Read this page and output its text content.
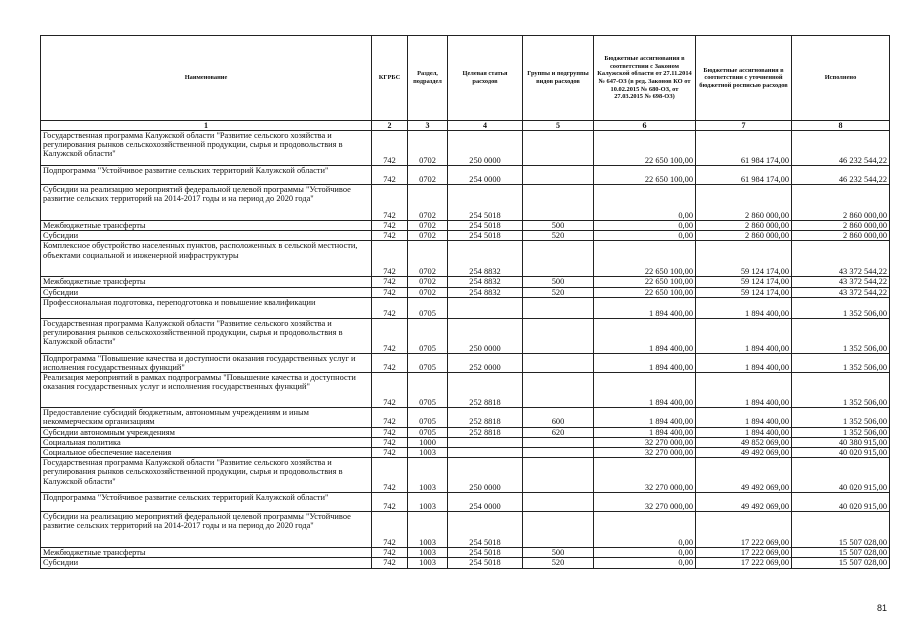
Наименование	КГРБС	Раздел, подраздел	Целевая статья расходов	Группы и подгруппы видов расходов	Бюджетные ассигнования в соответствии с Законом Калужской области от 27.11.2014 № 647-ОЗ (в ред. Законов КО от 10.02.2015 № 680-ОЗ, от 27.03.2015 № 698-ОЗ)	Бюджетные ассигнования в соответствии с уточненной бюджетной росписью расходов	Исполнено
1	2	3	4	5	6	7	8
Государственная программа Калужской области "Развитие сельского хозяйства и регулирования рынков сельскохозяйственной продукции, сырья и продовольствия в Калужской области"	742	0702	250 0000		22 650 100,00	61 984 174,00	46 232 544,22
Подпрограмма "Устойчивое развитие сельских территорий Калужской области"	742	0702	254 0000		22 650 100,00	61 984 174,00	46 232 544,22
Субсидии на реализацию мероприятий федеральной целевой программы "Устойчивое развитие сельских территорий на 2014-2017 годы и на период до 2020 года"	742	0702	254 5018		0,00	2 860 000,00	2 860 000,00
Межбюджетные трансферты	742	0702	254 5018	500	0,00	2 860 000,00	2 860 000,00
Субсидии	742	0702	254 5018	520	0,00	2 860 000,00	2 860 000,00
Комплексное обустройство населенных пунктов, расположенных в сельской местности, объектами социальной и инженерной инфраструктуры	742	0702	254 8832		22 650 100,00	59 124 174,00	43 372 544,22
Межбюджетные трансферты	742	0702	254 8832	500	22 650 100,00	59 124 174,00	43 372 544,22
Субсидии	742	0702	254 8832	520	22 650 100,00	59 124 174,00	43 372 544,22
Профессиональная подготовка, переподготовка и повышение квалификации	742	0705			1 894 400,00	1 894 400,00	1 352 506,00
Государственная программа Калужской области "Развитие сельского хозяйства и регулирования рынков сельскохозяйственной продукции, сырья и продовольствия в Калужской области"	742	0705	250 0000		1 894 400,00	1 894 400,00	1 352 506,00
Подпрограмма "Повышение качества и доступности оказания государственных услуг и исполнения государственных функций"	742	0705	252 0000		1 894 400,00	1 894 400,00	1 352 506,00
Реализация мероприятий в рамках подпрограммы "Повышение качества и доступности оказания государственных услуг и исполнения государственных функций"	742	0705	252 8818		1 894 400,00	1 894 400,00	1 352 506,00
Предоставление субсидий бюджетным, автономным учреждениям и иным некоммерческим организациям	742	0705	252 8818	600	1 894 400,00	1 894 400,00	1 352 506,00
Субсидии автономным учреждениям	742	0705	252 8818	620	1 894 400,00	1 894 400,00	1 352 506,00
Социальная политика	742	1000			32 270 000,00	49 852 069,00	40 380 915,00
Социальное обеспечение населения	742	1003			32 270 000,00	49 492 069,00	40 020 915,00
Государственная программа Калужской области "Развитие сельского хозяйства и регулирования рынков сельскохозяйственной продукции, сырья и продовольствия в Калужской области"	742	1003	250 0000		32 270 000,00	49 492 069,00	40 020 915,00
Подпрограмма "Устойчивое развитие сельских территорий Калужской области"	742	1003	254 0000		32 270 000,00	49 492 069,00	40 020 915,00
Субсидии на реализацию мероприятий федеральной целевой программы "Устойчивое развитие сельских территорий на 2014-2017 годы и на период до 2020 года"	742	1003	254 5018		0,00	17 222 069,00	15 507 028,00
Межбюджетные трансферты	742	1003	254 5018	500	0,00	17 222 069,00	15 507 028,00
Субсидии	742	1003	254 5018	520	0,00	17 222 069,00	15 507 028,00
81
